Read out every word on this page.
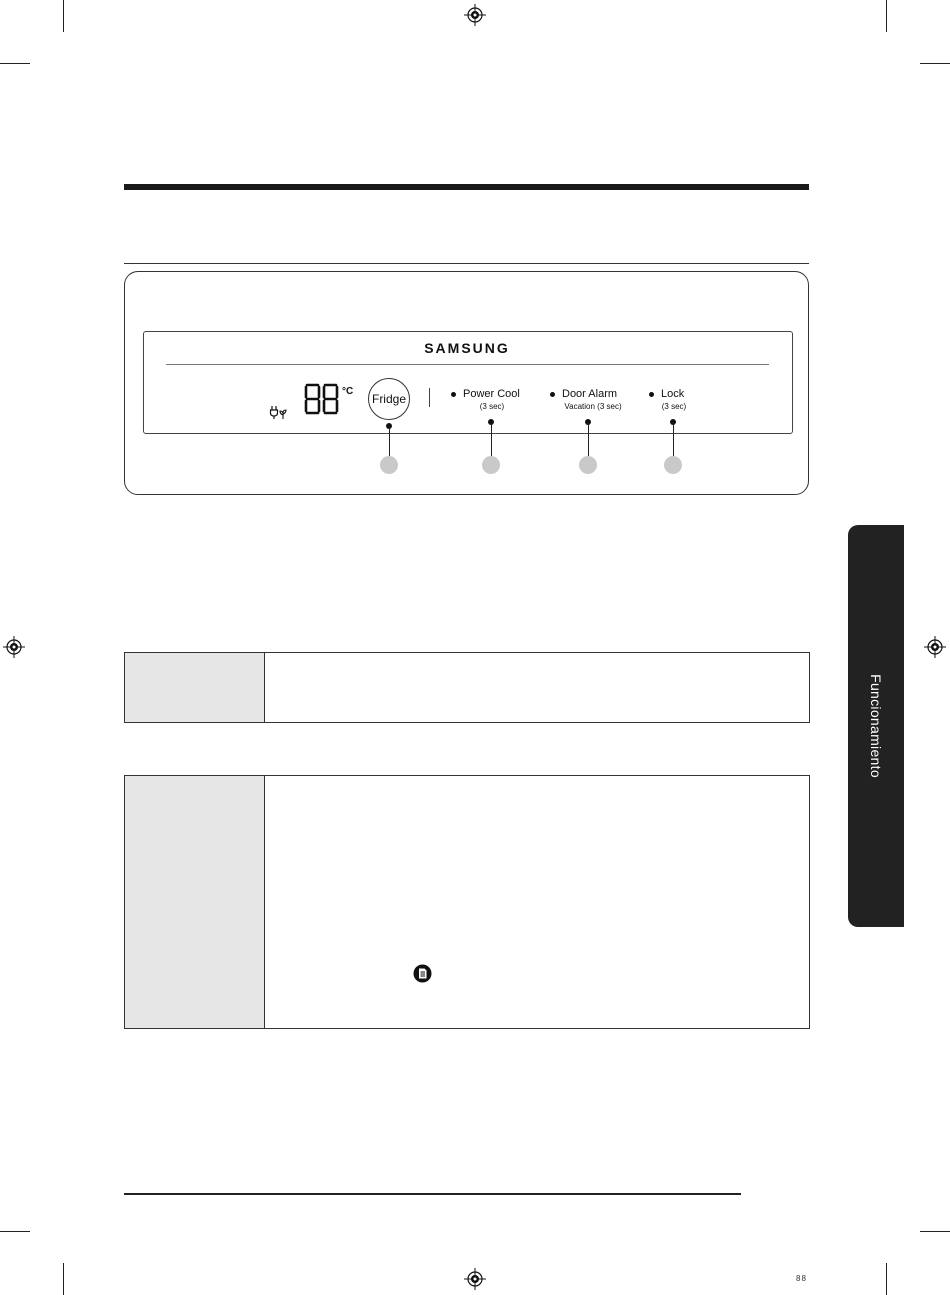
SAMSUNG
°C
Fridge	Power Cool
(3 sec)
Door Alarm
Vacation (3 sec)
Lock
(3 sec)
Funcionamiento
88
